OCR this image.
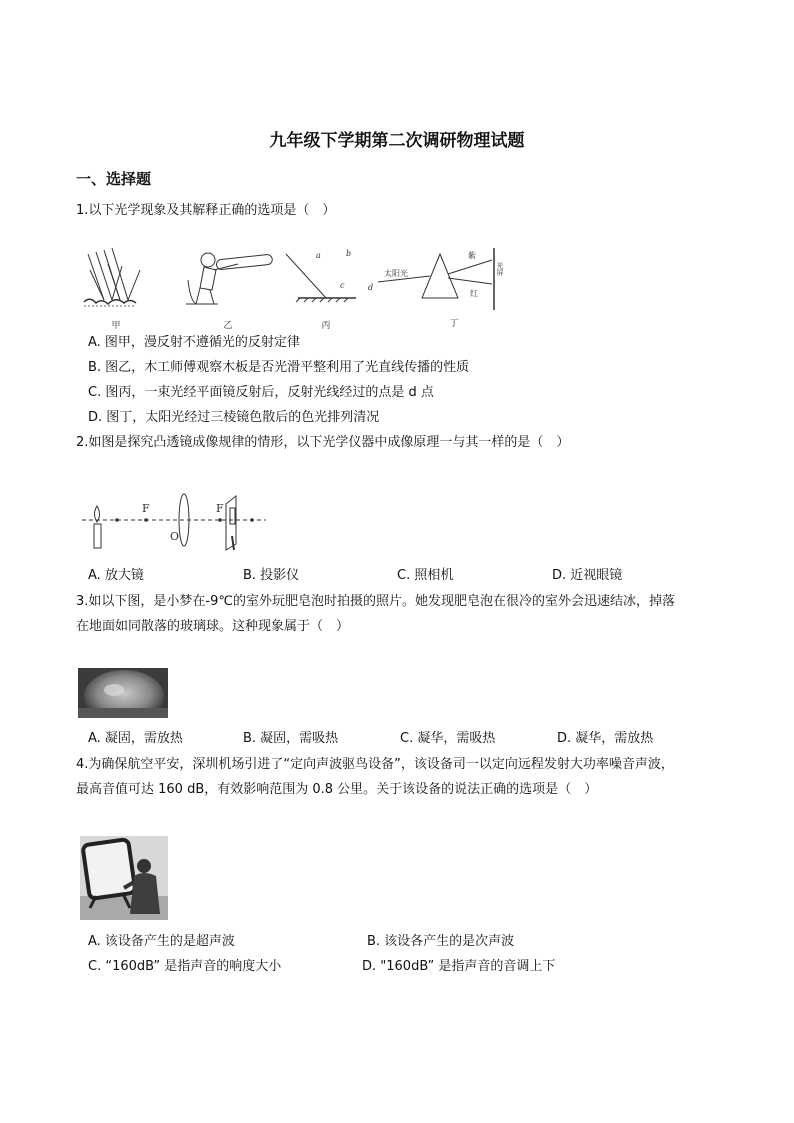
九年级下学期第二次调研物理试题
一、选择题
1.以下光学现象及其解释正确的选项是（　）
甲	乙
a	b
c	d
丙
太阳光
紫
红
光屏
丁
A. 图甲，漫反射不遵循光的反射定律
B. 图乙，木工师傅观察木板是否光滑平整利用了光直线传播的性质
C. 图丙，一束光经平面镜反射后，反射光线经过的点是 d 点
D. 图丁，太阳光经过三棱镜色散后的色光排列清况
2.如图是探究凸透镜成像规律的情形，以下光学仪器中成像原理一与其一样的是（　）
F	F
O
A. 放大镜	B. 投影仪	C. 照相机	D. 近视眼镜
3.如以下图，是小梦在-9℃的室外玩肥皂泡时拍摄的照片。她发现肥皂泡在很冷的室外会迅速结冰，掉落
在地面如同散落的玻璃球。这种现象属于（　）
A. 凝固，需放热	B. 凝固，需吸热	C. 凝华，需吸热	D. 凝华，需放热
4.为确保航空平安，深圳机场引进了“定向声波驱鸟设备”，该设备司一以定向远程发射大功率噪音声波，
最高音值可达 160 dB，有效影响范围为 0.8 公里。关于该设备的说法正确的选项是（　）
A. 该设备产生的是超声波	B. 该设各产生的是次声波
C. “160dB” 是指声音的响度大小	D. "160dB” 是指声音的音调上下
